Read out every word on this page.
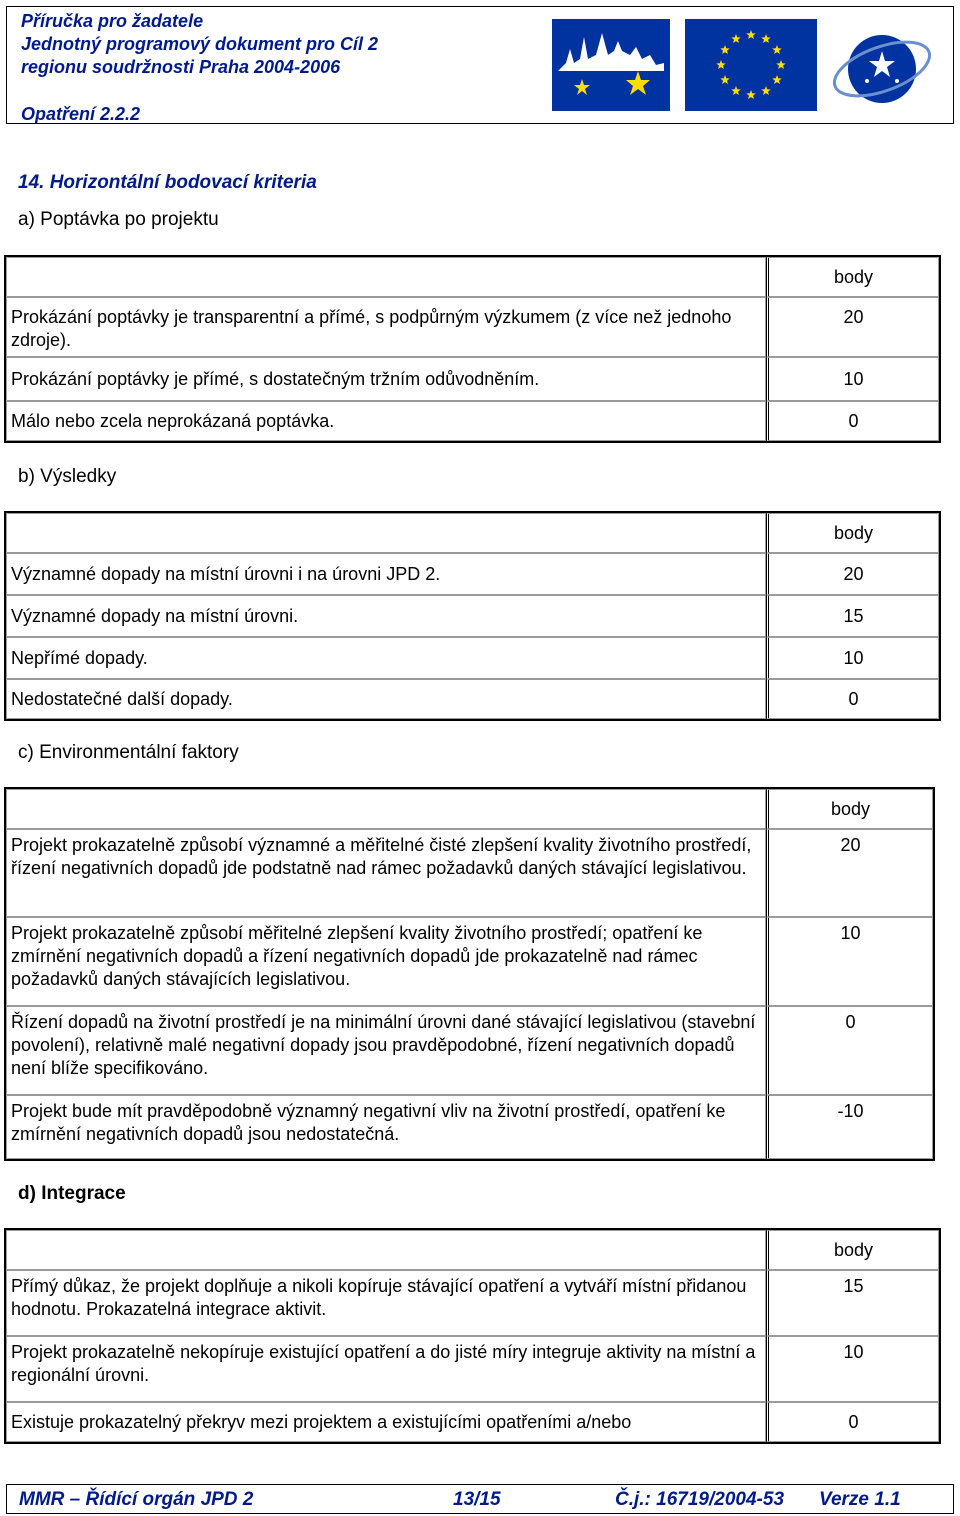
Příručka pro žadatele
Jednotný programový dokument pro Cíl 2
regionu soudržnosti Praha 2004-2006
Opatření 2.2.2
14. Horizontální bodovací kriteria
a) Poptávka po projektu
	body
Prokázání poptávky je transparentní a přímé, s podpůrným výzkumem (z více než jednoho zdroje).	20
Prokázání poptávky je přímé, s dostatečným tržním odůvodněním.	10
Málo nebo zcela neprokázaná poptávka.	0
b) Výsledky
	body
Významné dopady na místní úrovni i na úrovni JPD 2.	20
Významné dopady na místní úrovni.	15
Nepřímé dopady.	10
Nedostatečné další dopady.	0
c) Environmentální faktory
	body
Projekt prokazatelně způsobí významné a měřitelné čisté zlepšení kvality životního prostředí, řízení negativních dopadů jde podstatně nad rámec požadavků daných stávající legislativou.	20
Projekt prokazatelně způsobí měřitelné zlepšení kvality životního prostředí; opatření ke zmírnění negativních dopadů a řízení negativních dopadů jde prokazatelně nad rámec požadavků daných stávajících legislativou.	10
Řízení dopadů na životní prostředí je na minimální úrovni dané stávající legislativou (stavební povolení), relativně malé negativní dopady jsou pravděpodobné, řízení negativních dopadů není blíže specifikováno.	0
Projekt bude mít pravděpodobně významný negativní vliv na životní prostředí, opatření ke zmírnění negativních dopadů jsou nedostatečná.	-10
d) Integrace
	body
Přímý důkaz, že projekt doplňuje a nikoli kopíruje stávající opatření a vytváří místní přidanou hodnotu. Prokazatelná integrace aktivit.	15
Projekt prokazatelně nekopíruje existující opatření a do jisté míry integruje aktivity na místní a regionální úrovni.	10
Existuje prokazatelný překryv mezi projektem a existujícími opatřeními a/nebo	0
MMR – Řídící orgán JPD 2	13/15	Č.j.: 16719/2004-53 Verze 1.1
